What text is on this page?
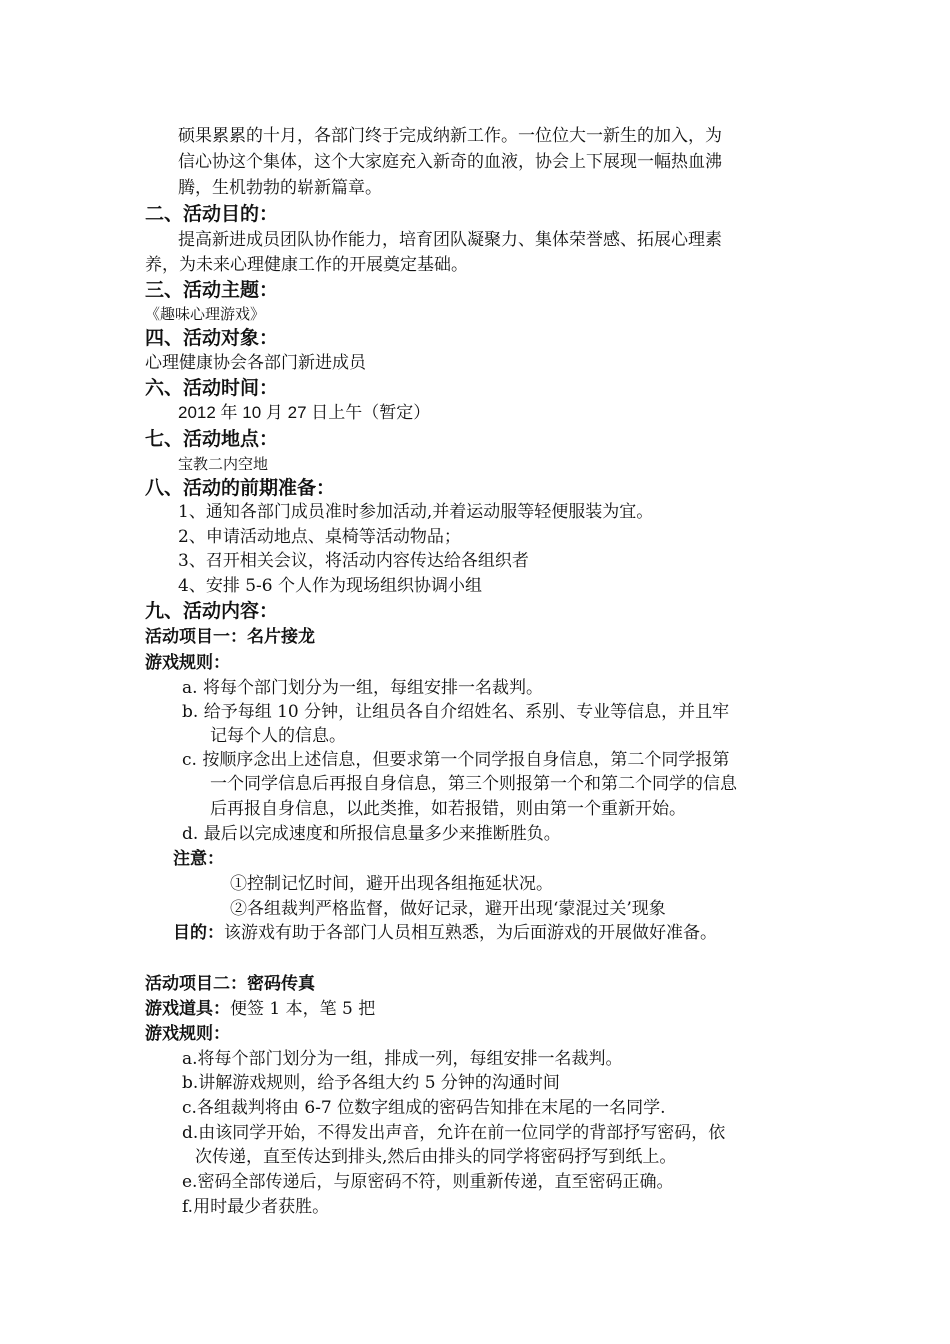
硕果累累的十月，各部门终于完成纳新工作。一位位大一新生的加入，为
信心协这个集体，这个大家庭充入新奇的血液，协会上下展现一幅热血沸
腾，生机勃勃的崭新篇章。
二、活动目的：
提高新进成员团队协作能力，培育团队凝聚力、集体荣誉感、拓展心理素
养，为未来心理健康工作的开展奠定基础。
三、活动主题：
《趣味心理游戏》
四、活动对象：
心理健康协会各部门新进成员
六、活动时间：
2012 年 10 月 27 日上午（暂定）
七、活动地点：
宝教二内空地
八、活动的前期准备：
1、通知各部门成员准时参加活动,并着运动服等轻便服装为宜。
2、申请活动地点、桌椅等活动物品；
3、召开相关会议，将活动内容传达给各组织者
4、安排 5-6 个人作为现场组织协调小组
九、活动内容：
活动项目一：名片接龙
游戏规则：
a. 将每个部门划分为一组，每组安排一名裁判。
b. 给予每组 10 分钟，让组员各自介绍姓名、系别、专业等信息，并且牢
记每个人的信息。
c. 按顺序念出上述信息，但要求第一个同学报自身信息，第二个同学报第
一个同学信息后再报自身信息，第三个则报第一个和第二个同学的信息
后再报自身信息，以此类推，如若报错，则由第一个重新开始。
d. 最后以完成速度和所报信息量多少来推断胜负。
注意：
①控制记忆时间，避开出现各组拖延状况。
②各组裁判严格监督，做好记录，避开出现‘蒙混过关’现象
目的：该游戏有助于各部门人员相互熟悉，为后面游戏的开展做好准备。
活动项目二：密码传真
游戏道具：便签 1 本，笔 5 把
游戏规则：
a.将每个部门划分为一组，排成一列，每组安排一名裁判。
b.讲解游戏规则，给予各组大约 5 分钟的沟通时间
c.各组裁判将由 6-7 位数字组成的密码告知排在末尾的一名同学.
d.由该同学开始，不得发出声音，允许在前一位同学的背部抒写密码，依
次传递，直至传达到排头,然后由排头的同学将密码抒写到纸上。
e.密码全部传递后，与原密码不符，则重新传递，直至密码正确。
f.用时最少者获胜。
